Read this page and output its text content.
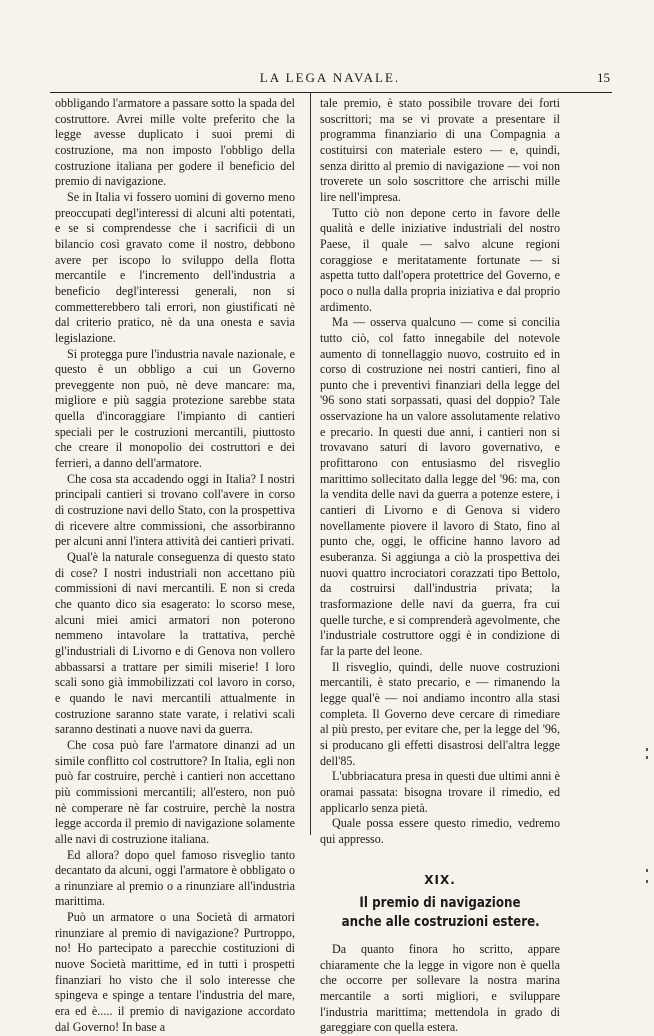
LA LEGA NAVALE.	15

obbligando l'armatore a passare sotto la spada del costruttore. Avrei mille volte preferito che la legge avesse duplicato i suoi premi di costruzione, ma non imposto l'obbligo della costruzione italiana per godere il beneficio del premio di navigazione.

Se in Italia vi fossero uomini di governo meno preoccupati degl'interessi di alcuni alti potentati, e se si comprendesse che i sacrificii di un bilancio così gravato come il nostro, debbono avere per iscopo lo sviluppo della flotta mercantile e l'incremento dell'industria a beneficio degl'interessi generali, non si commetterebbero tali errori, non giustificati nè dal criterio pratico, nè da una onesta e savia legislazione.

Si protegga pure l'industria navale nazionale, e questo è un obbligo a cui un Governo preveggente non può, nè deve mancare: ma, migliore e più saggia protezione sarebbe stata quella d'incoraggiare l'impianto di cantieri speciali per le costruzioni mercantili, piuttosto che creare il monopolio dei costruttori e dei ferrieri, a danno dell'armatore.

Che cosa sta accadendo oggi in Italia? I nostri principali cantieri si trovano coll'avere in corso di costruzione navi dello Stato, con la prospettiva di ricevere altre commissioni, che assorbiranno per alcuni anni l'intera attività dei cantieri privati.

Qual'è la naturale conseguenza di questo stato di cose? I nostri industriali non accettano più commissioni di navi mercantili. E non si creda che quanto dico sia esagerato: lo scorso mese, alcuni miei amici armatori non poterono nemmeno intavolare la trattativa, perchè gl'industriali di Livorno e di Genova non vollero abbassarsi a trattare per simili miserie! I loro scali sono già immobilizzati col lavoro in corso, e quando le navi mercantili attualmente in costruzione saranno state varate, i relativi scali saranno destinati a nuove navi da guerra.

Che cosa può fare l'armatore dinanzi ad un simile conflitto col costruttore? In Italia, egli non può far costruire, perchè i cantieri non accettano più commissioni mercantili; all'estero, non può nè comperare nè far costruire, perchè la nostra legge accorda il premio di navigazione solamente alle navi di costruzione italiana.

Ed allora? dopo quel famoso risveglio tanto decantato da alcuni, oggi l'armatore è obbligato o a rinunziare al premio o a rinunziare all'industria marittima.

Può un armatore o una Società di armatori rinunziare al premio di navigazione? Purtroppo, no! Ho partecipato a parecchie costituzioni di nuove Società marittime, ed in tutti i prospetti finanziari ho visto che il solo interesse che spingeva e spinge a tentare l'industria del mare, era ed è..... il premio di navigazione accordato dal Governo! In base a

tale premio, è stato possibile trovare dei forti soscrittori; ma se vi provate a presentare il programma finanziario di una Compagnia a costituirsi con materiale estero — e, quindi, senza diritto al premio di navigazione — voi non troverete un solo soscrittore che arrischi mille lire nell'impresa.

Tutto ciò non depone certo in favore delle qualità e delle iniziative industriali del nostro Paese, il quale — salvo alcune regioni coraggiose e meritatamente fortunate — si aspetta tutto dall'opera protettrice del Governo, e poco o nulla dalla propria iniziativa e dal proprio ardimento.

Ma — osserva qualcuno — come si concilia tutto ciò, col fatto innegabile del notevole aumento di tonnellaggio nuovo, costruito ed in corso di costruzione nei nostri cantieri, fino al punto che i preventivi finanziari della legge del '96 sono stati sorpassati, quasi del doppio? Tale osservazione ha un valore assolutamente relativo e precario. In questi due anni, i cantieri non si trovavano saturi di lavoro governativo, e profittarono con entusiasmo del risveglio marittimo sollecitato dalla legge del '96: ma, con la vendita delle navi da guerra a potenze estere, i cantieri di Livorno e di Genova si videro novellamente piovere il lavoro di Stato, fino al punto che, oggi, le officine hanno lavoro ad esuberanza. Si aggiunga a ciò la prospettiva dei nuovi quattro incrociatori corazzati tipo Bettolo, da costruirsi dall'industria privata; la trasformazione delle navi da guerra, fra cui quelle turche, e si comprenderà agevolmente, che l'industriale costruttore oggi è in condizione di far la parte del leone.

Il risveglio, quindi, delle nuove costruzioni mercantili, è stato precario, e — rimanendo la legge qual'è — noi andiamo incontro alla stasi completa. Il Governo deve cercare di rimediare al più presto, per evitare che, per la legge del '96, si producano gli effetti disastrosi dell'altra legge dell'85.

L'ubbriacatura presa in questi due ultimi anni è oramai passata: bisogna trovare il rimedio, ed applicarlo senza pietà.

Quale possa essere questo rimedio, vedremo qui appresso.

XIX.
Il premio di navigazione
anche alle costruzioni estere.

Da quanto finora ho scritto, appare chiaramente che la legge in vigore non è quella che occorre per sollevare la nostra marina mercantile a sorti migliori, e sviluppare l'industria marittima; mettendola in grado di gareggiare con quella estera.
